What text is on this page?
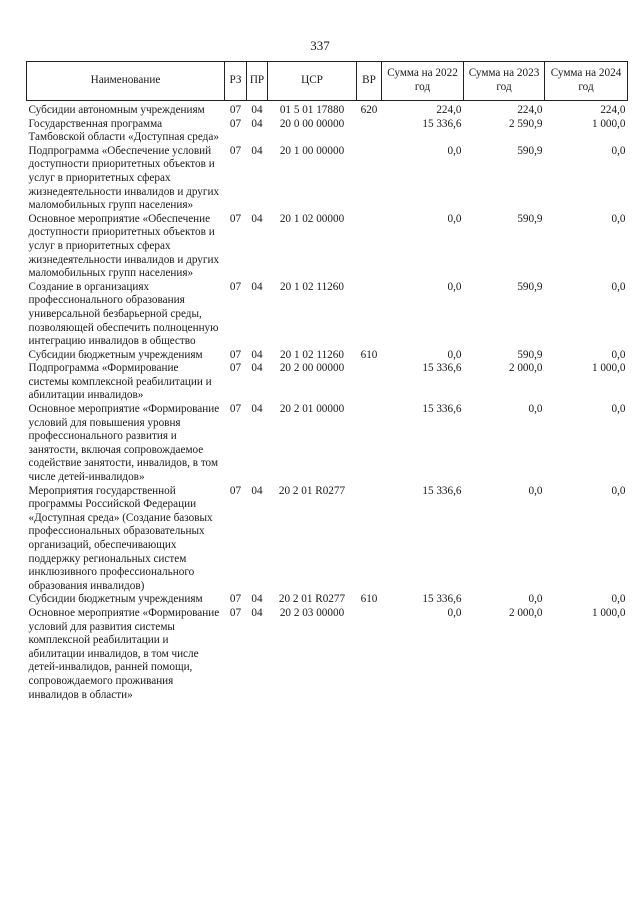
337
Наименование	РЗ	ПР	ЦСР	ВР	Сумма на 2022 год	Сумма на 2023 год	Сумма на 2024 год
Субсидии автономным учреждениям	07	04	01 5 01 17880	620	224,0	224,0	224,0
Государственная программа Тамбовской области «Доступная среда»	07	04	20 0 00 00000		15 336,6	2 590,9	1 000,0
Подпрограмма «Обеспечение условий доступности приоритетных объектов и услуг в приоритетных сферах жизнедеятельности инвалидов и других маломобильных групп населения»	07	04	20 1 00 00000		0,0	590,9	0,0
Основное мероприятие «Обеспечение доступности приоритетных объектов и услуг в приоритетных сферах жизнедеятельности инвалидов и других маломобильных групп населения»	07	04	20 1 02 00000		0,0	590,9	0,0
Создание в организациях профессионального образования универсальной безбарьерной среды, позволяющей обеспечить полноценную интеграцию инвалидов в общество	07	04	20 1 02 11260		0,0	590,9	0,0
Субсидии бюджетным учреждениям	07	04	20 1 02 11260	610	0,0	590,9	0,0
Подпрограмма «Формирование системы комплексной реабилитации и абилитации инвалидов»	07	04	20 2 00 00000		15 336,6	2 000,0	1 000,0
Основное мероприятие «Формирование условий для повышения уровня профессионального развития и занятости, включая сопровождаемое содействие занятости, инвалидов, в том числе детей-инвалидов»	07	04	20 2 01 00000		15 336,6	0,0	0,0
Мероприятия государственной программы Российской Федерации «Доступная среда» (Создание базовых профессиональных образовательных организаций, обеспечивающих поддержку региональных систем инклюзивного профессионального образования инвалидов)	07	04	20 2 01 R0277		15 336,6	0,0	0,0
Субсидии бюджетным учреждениям	07	04	20 2 01 R0277	610	15 336,6	0,0	0,0
Основное мероприятие «Формирование условий для развития системы комплексной реабилитации и абилитации инвалидов, в том числе детей-инвалидов, ранней помощи, сопровождаемого проживания инвалидов в области»	07	04	20 2 03 00000		0,0	2 000,0	1 000,0
